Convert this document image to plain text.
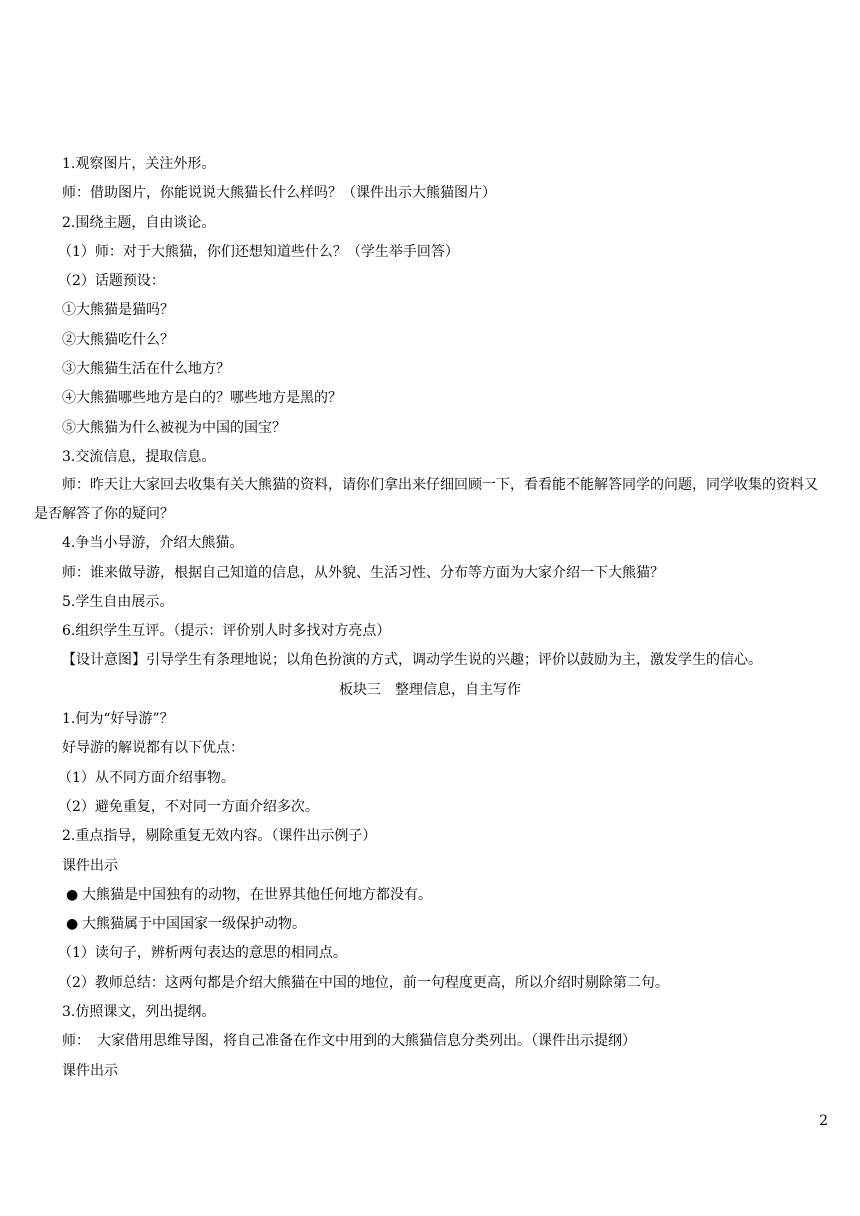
1.观察图片，关注外形。
师：借助图片，你能说说大熊猫长什么样吗？（课件出示大熊猫图片）
2.围绕主题，自由谈论。
（1）师：对于大熊猫，你们还想知道些什么？（学生举手回答）
（2）话题预设：
①大熊猫是猫吗？
②大熊猫吃什么？
③大熊猫生活在什么地方？
④大熊猫哪些地方是白的？哪些地方是黑的？
⑤大熊猫为什么被视为中国的国宝？
3.交流信息，提取信息。
师：昨天让大家回去收集有关大熊猫的资料，请你们拿出来仔细回顾一下，看看能不能解答同学的问题，同学收集的资料又是否解答了你的疑问？
4.争当小导游，介绍大熊猫。
师：谁来做导游，根据自己知道的信息，从外貌、生活习性、分布等方面为大家介绍一下大熊猫？
5.学生自由展示。
6.组织学生互评。（提示：评价别人时多找对方亮点）
【设计意图】引导学生有条理地说；以角色扮演的方式，调动学生说的兴趣；评价以鼓励为主，激发学生的信心。
板块三　整理信息，自主写作
1.何为“好导游”？
好导游的解说都有以下优点：
（1）从不同方面介绍事物。
（2）避免重复，不对同一方面介绍多次。
2.重点指导，剔除重复无效内容。（课件出示例子）
课件出示
● 大熊猫是中国独有的动物，在世界其他任何地方都没有。
● 大熊猫属于中国国家一级保护动物。
（1）读句子，辨析两句表达的意思的相同点。
（2）教师总结：这两句都是介绍大熊猫在中国的地位，前一句程度更高，所以介绍时剔除第二句。
3.仿照课文，列出提纲。
师：　大家借用思维导图，将自己准备在作文中用到的大熊猫信息分类列出。（课件出示提纲）
课件出示
2
